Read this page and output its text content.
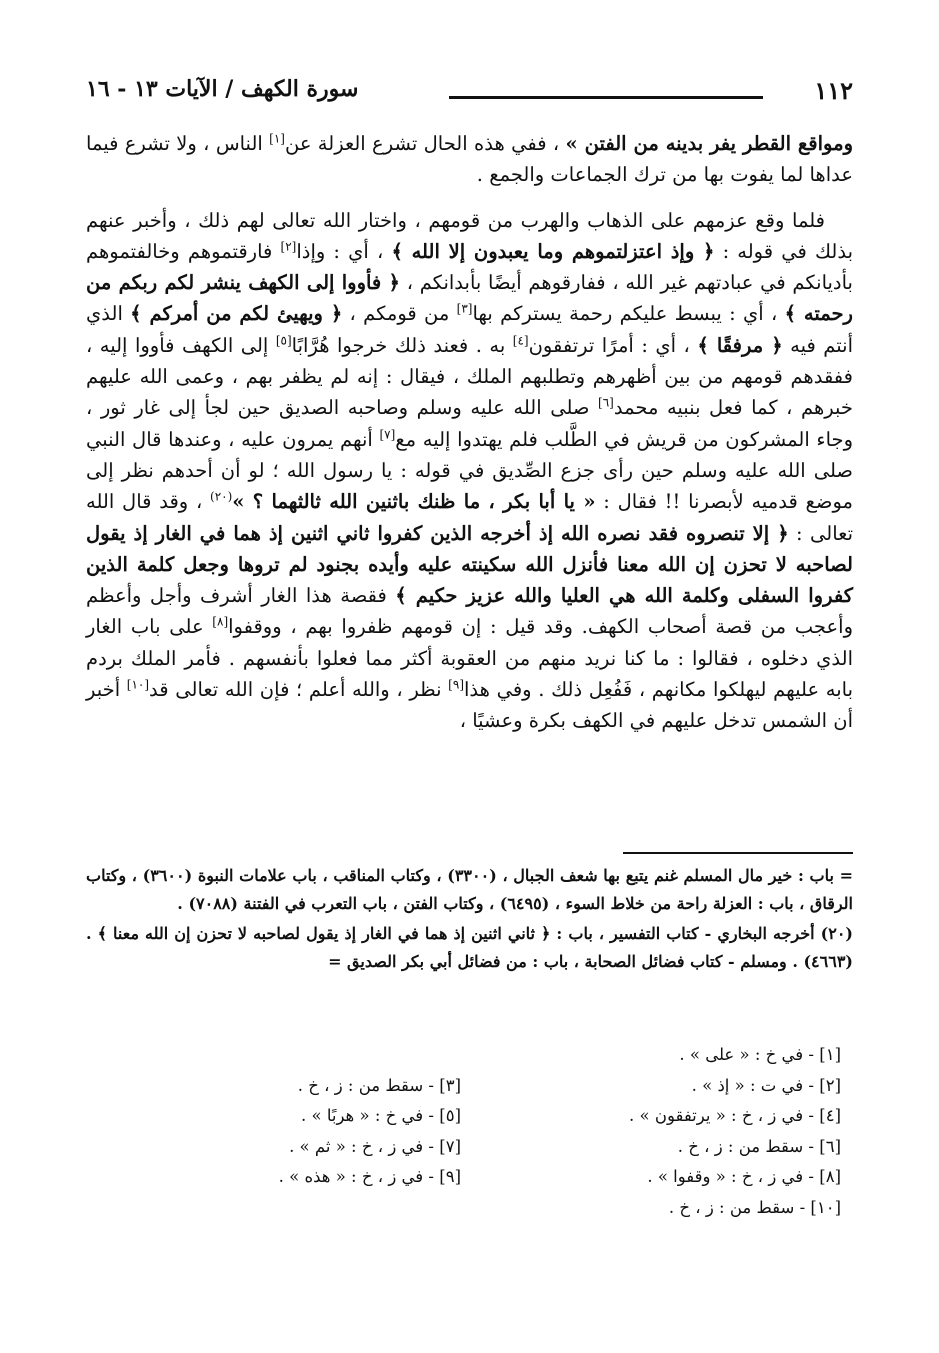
١١٢
سورة الكهف / الآيات ١٣ - ١٦

ومواقع القطر يفر بدينه من الفتن » ، ففي هذه الحال تشرع العزلة عن[١] الناس ، ولا تشرع فيما عداها لما يفوت بها من ترك الجماعات والجمع .

فلما وقع عزمهم على الذهاب والهرب من قومهم ، واختار الله تعالى لهم ذلك ، وأخبر عنهم بذلك في قوله : ﴿ وإذ اعتزلتموهم وما يعبدون إلا الله ﴾ ، أي : وإذا[٢] فارقتموهم وخالفتموهم بأديانكم في عبادتهم غير الله ، ففارقوهم أيضًا بأبدانكم ، ﴿ فأووا إلى الكهف ينشر لكم ربكم من رحمته ﴾ ، أي : يبسط عليكم رحمة يستركم بها[٣] من قومكم ، ﴿ ويهيئ لكم من أمركم ﴾ الذي أنتم فيه ﴿ مرفقًا ﴾ ، أي : أمرًا ترتفقون[٤] به . فعند ذلك خرجوا هُرَّابًا[٥] إلى الكهف فأووا إليه ، ففقدهم قومهم من بين أظهرهم وتطلبهم الملك ، فيقال : إنه لم يظفر بهم ، وعمى الله عليهم خبرهم ، كما فعل بنبيه محمد[٦] صلى الله عليه وسلم وصاحبه الصديق حين لجأ إلى غار ثور ، وجاء المشركون من قريش في الطَّلب فلم يهتدوا إليه مع[٧] أنهم يمرون عليه ، وعندها قال النبي صلى الله عليه وسلم حين رأى جزع الصِّديق في قوله : يا رسول الله ؛ لو أن أحدهم نظر إلى موضع قدميه لأبصرنا !! فقال : « يا أبا بكر ، ما ظنك باثنين الله ثالثهما ؟ »$^{(٢٠)}$ ، وقد قال الله تعالى : ﴿ إلا تنصروه فقد نصره الله إذ أخرجه الذين كفروا ثاني اثنين إذ هما في الغار إذ يقول لصاحبه لا تحزن إن الله معنا فأنزل الله سكينته عليه وأيده بجنود لم تروها وجعل كلمة الذين كفروا السفلى وكلمة الله هي العليا والله عزيز حكيم ﴾ فقصة هذا الغار أشرف وأجل وأعظم وأعجب من قصة أصحاب الكهف. وقد قيل : إن قومهم ظفروا بهم ، ووقفوا[٨] على باب الغار الذي دخلوه ، فقالوا : ما كنا نريد منهم من العقوبة أكثر مما فعلوا بأنفسهم . فأمر الملك بردم بابه عليهم ليهلكوا مكانهم ، فَفُعِل ذلك . وفي هذا[٩] نظر ، والله أعلم ؛ فإن الله تعالى قد[١٠] أخبر أن الشمس تدخل عليهم في الكهف بكرة وعشيًا ،

= باب : خير مال المسلم غنم يتبع بها شعف الجبال ، (٣٣٠٠) ، وكتاب المناقب ، باب علامات النبوة (٣٦٠٠) ، وكتاب الرقاق ، باب : العزلة راحة من خلاط السوء ، (٦٤٩٥) ، وكتاب الفتن ، باب التعرب في الفتنة (٧٠٨٨) .

(٢٠) أخرجه البخاري - كتاب التفسير ، باب : ﴿ ثاني اثنين إذ هما في الغار إذ يقول لصاحبه لا تحزن إن الله معنا ﴾ . (٤٦٦٣) . ومسلم - كتاب فضائل الصحابة ، باب : من فضائل أبي بكر الصديق =

[١] - في خ : « على » .
[٢] - في ت : « إذ » .
[٣] - سقط من : ز ، خ .
[٤] - في ز ، خ : « يرتفقون » .
[٥] - في خ : « هربًا » .
[٦] - سقط من : ز ، خ .
[٧] - في ز ، خ : « ثم » .
[٨] - في ز ، خ : « وقفوا » .
[٩] - في ز ، خ : « هذه » .
[١٠] - سقط من : ز ، خ .
